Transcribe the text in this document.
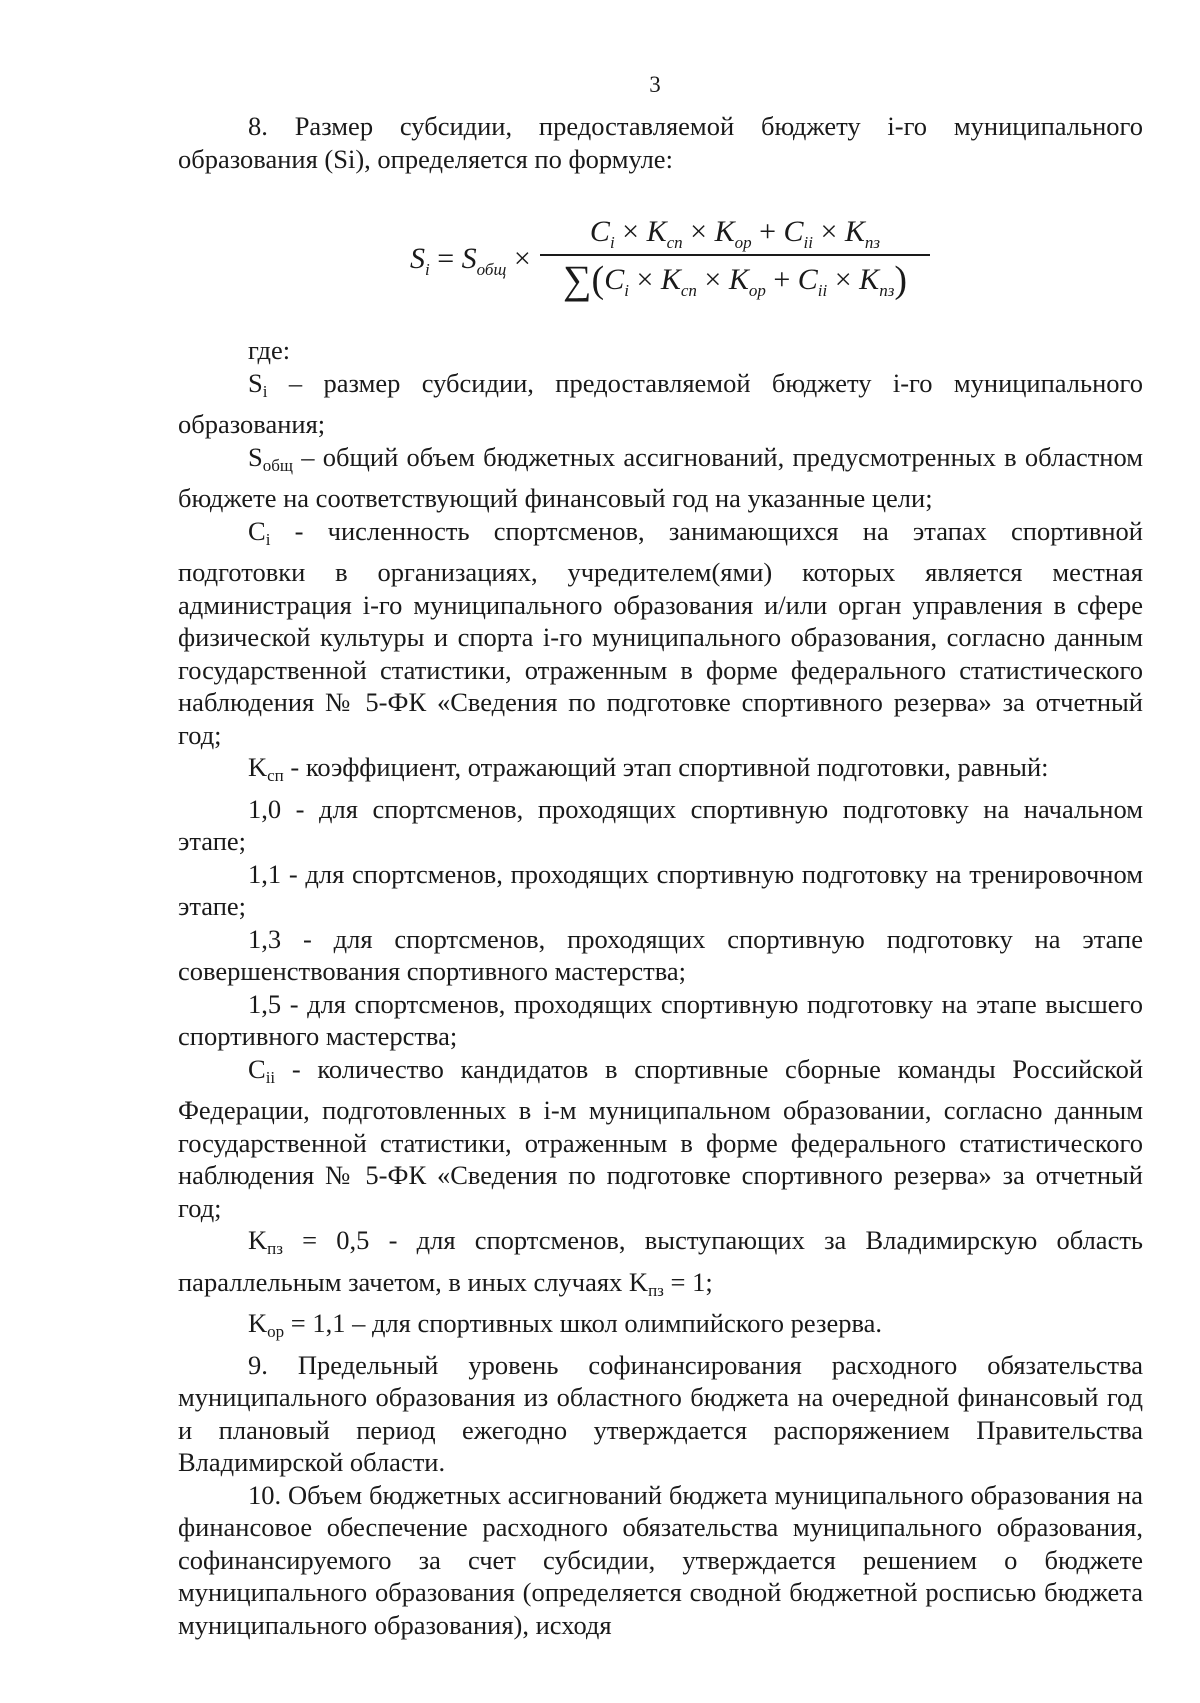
3

8. Размер субсидии, предоставляемой бюджету i-го муниципального образования (Si), определяется по формуле:

$S_i = S_{общ}$ ×
$C_i \times K_{сп} \times K_{ор} + C_{ii} \times K_{пз}$
$\sum(C_i \times K_{сп} \times K_{ор} + C_{ii} \times K_{пз})$

где:

Si – размер субсидии, предоставляемой бюджету i-го муниципального образования;

Sобщ – общий объем бюджетных ассигнований, предусмотренных в областном бюджете на соответствующий финансовый год на указанные цели;

Ci - численность спортсменов, занимающихся на этапах спортивной подготовки в организациях, учредителем(ями) которых является местная администрация i-го муниципального образования и/или орган управления в сфере физической культуры и спорта i-го муниципального образования, согласно данным государственной статистики, отраженным в форме федерального статистического наблюдения № 5-ФК «Сведения по подготовке спортивного резерва» за отчетный год;

Kсп - коэффициент, отражающий этап спортивной подготовки, равный:

1,0 - для спортсменов, проходящих спортивную подготовку на начальном этапе;

1,1 - для спортсменов, проходящих спортивную подготовку на тренировочном этапе;

1,3 - для спортсменов, проходящих спортивную подготовку на этапе совершенствования спортивного мастерства;

1,5 - для спортсменов, проходящих спортивную подготовку на этапе высшего спортивного мастерства;

Cii - количество кандидатов в спортивные сборные команды Российской Федерации, подготовленных в i-м муниципальном образовании, согласно данным государственной статистики, отраженным в форме федерального статистического наблюдения № 5-ФК «Сведения по подготовке спортивного резерва» за отчетный год;

Kпз = 0,5 - для спортсменов, выступающих за Владимирскую область параллельным зачетом, в иных случаях Kпз = 1;

Kор = 1,1 – для спортивных школ олимпийского резерва.

9. Предельный уровень софинансирования расходного обязательства муниципального образования из областного бюджета на очередной финансовый год и плановый период ежегодно утверждается распоряжением Правительства Владимирской области.

10. Объем бюджетных ассигнований бюджета муниципального образования на финансовое обеспечение расходного обязательства муниципального образования, софинансируемого за счет субсидии, утверждается решением о бюджете муниципального образования (определяется сводной бюджетной росписью бюджета муниципального образования), исходя
